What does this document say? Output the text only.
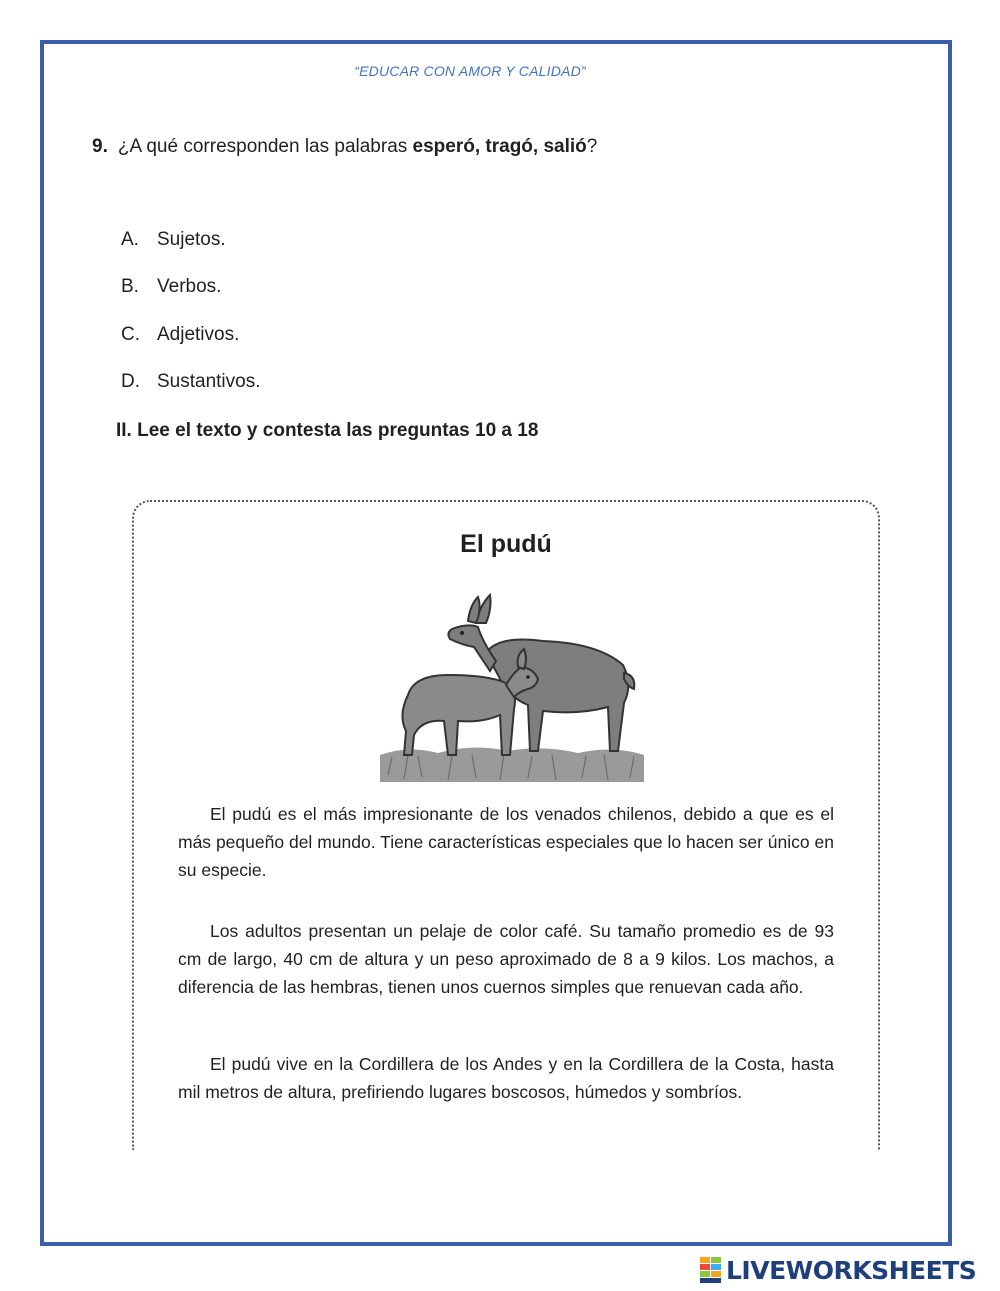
“EDUCAR CON AMOR Y CALIDAD”
9. ¿A qué corresponden las palabras esperó, tragó, salió?
A. Sujetos.
B. Verbos.
C. Adjetivos.
D. Sustantivos.
II. Lee el texto y contesta las preguntas 10 a 18
El pudú
El pudú es el más impresionante de los venados chilenos, debido a que es el más pequeño del mundo. Tiene características especiales que lo hacen ser único en su especie.
Los adultos presentan un pelaje de color café. Su tamaño promedio es de 93 cm de largo, 40 cm de altura y un peso aproximado de 8 a 9 kilos. Los machos, a diferencia de las hembras, tienen unos cuernos simples que renuevan cada año.
El pudú vive en la Cordillera de los Andes y en la Cordillera de la Costa, hasta mil metros de altura, prefiriendo lugares boscosos, húmedos y sombríos.
LIVEWORKSHEETS
